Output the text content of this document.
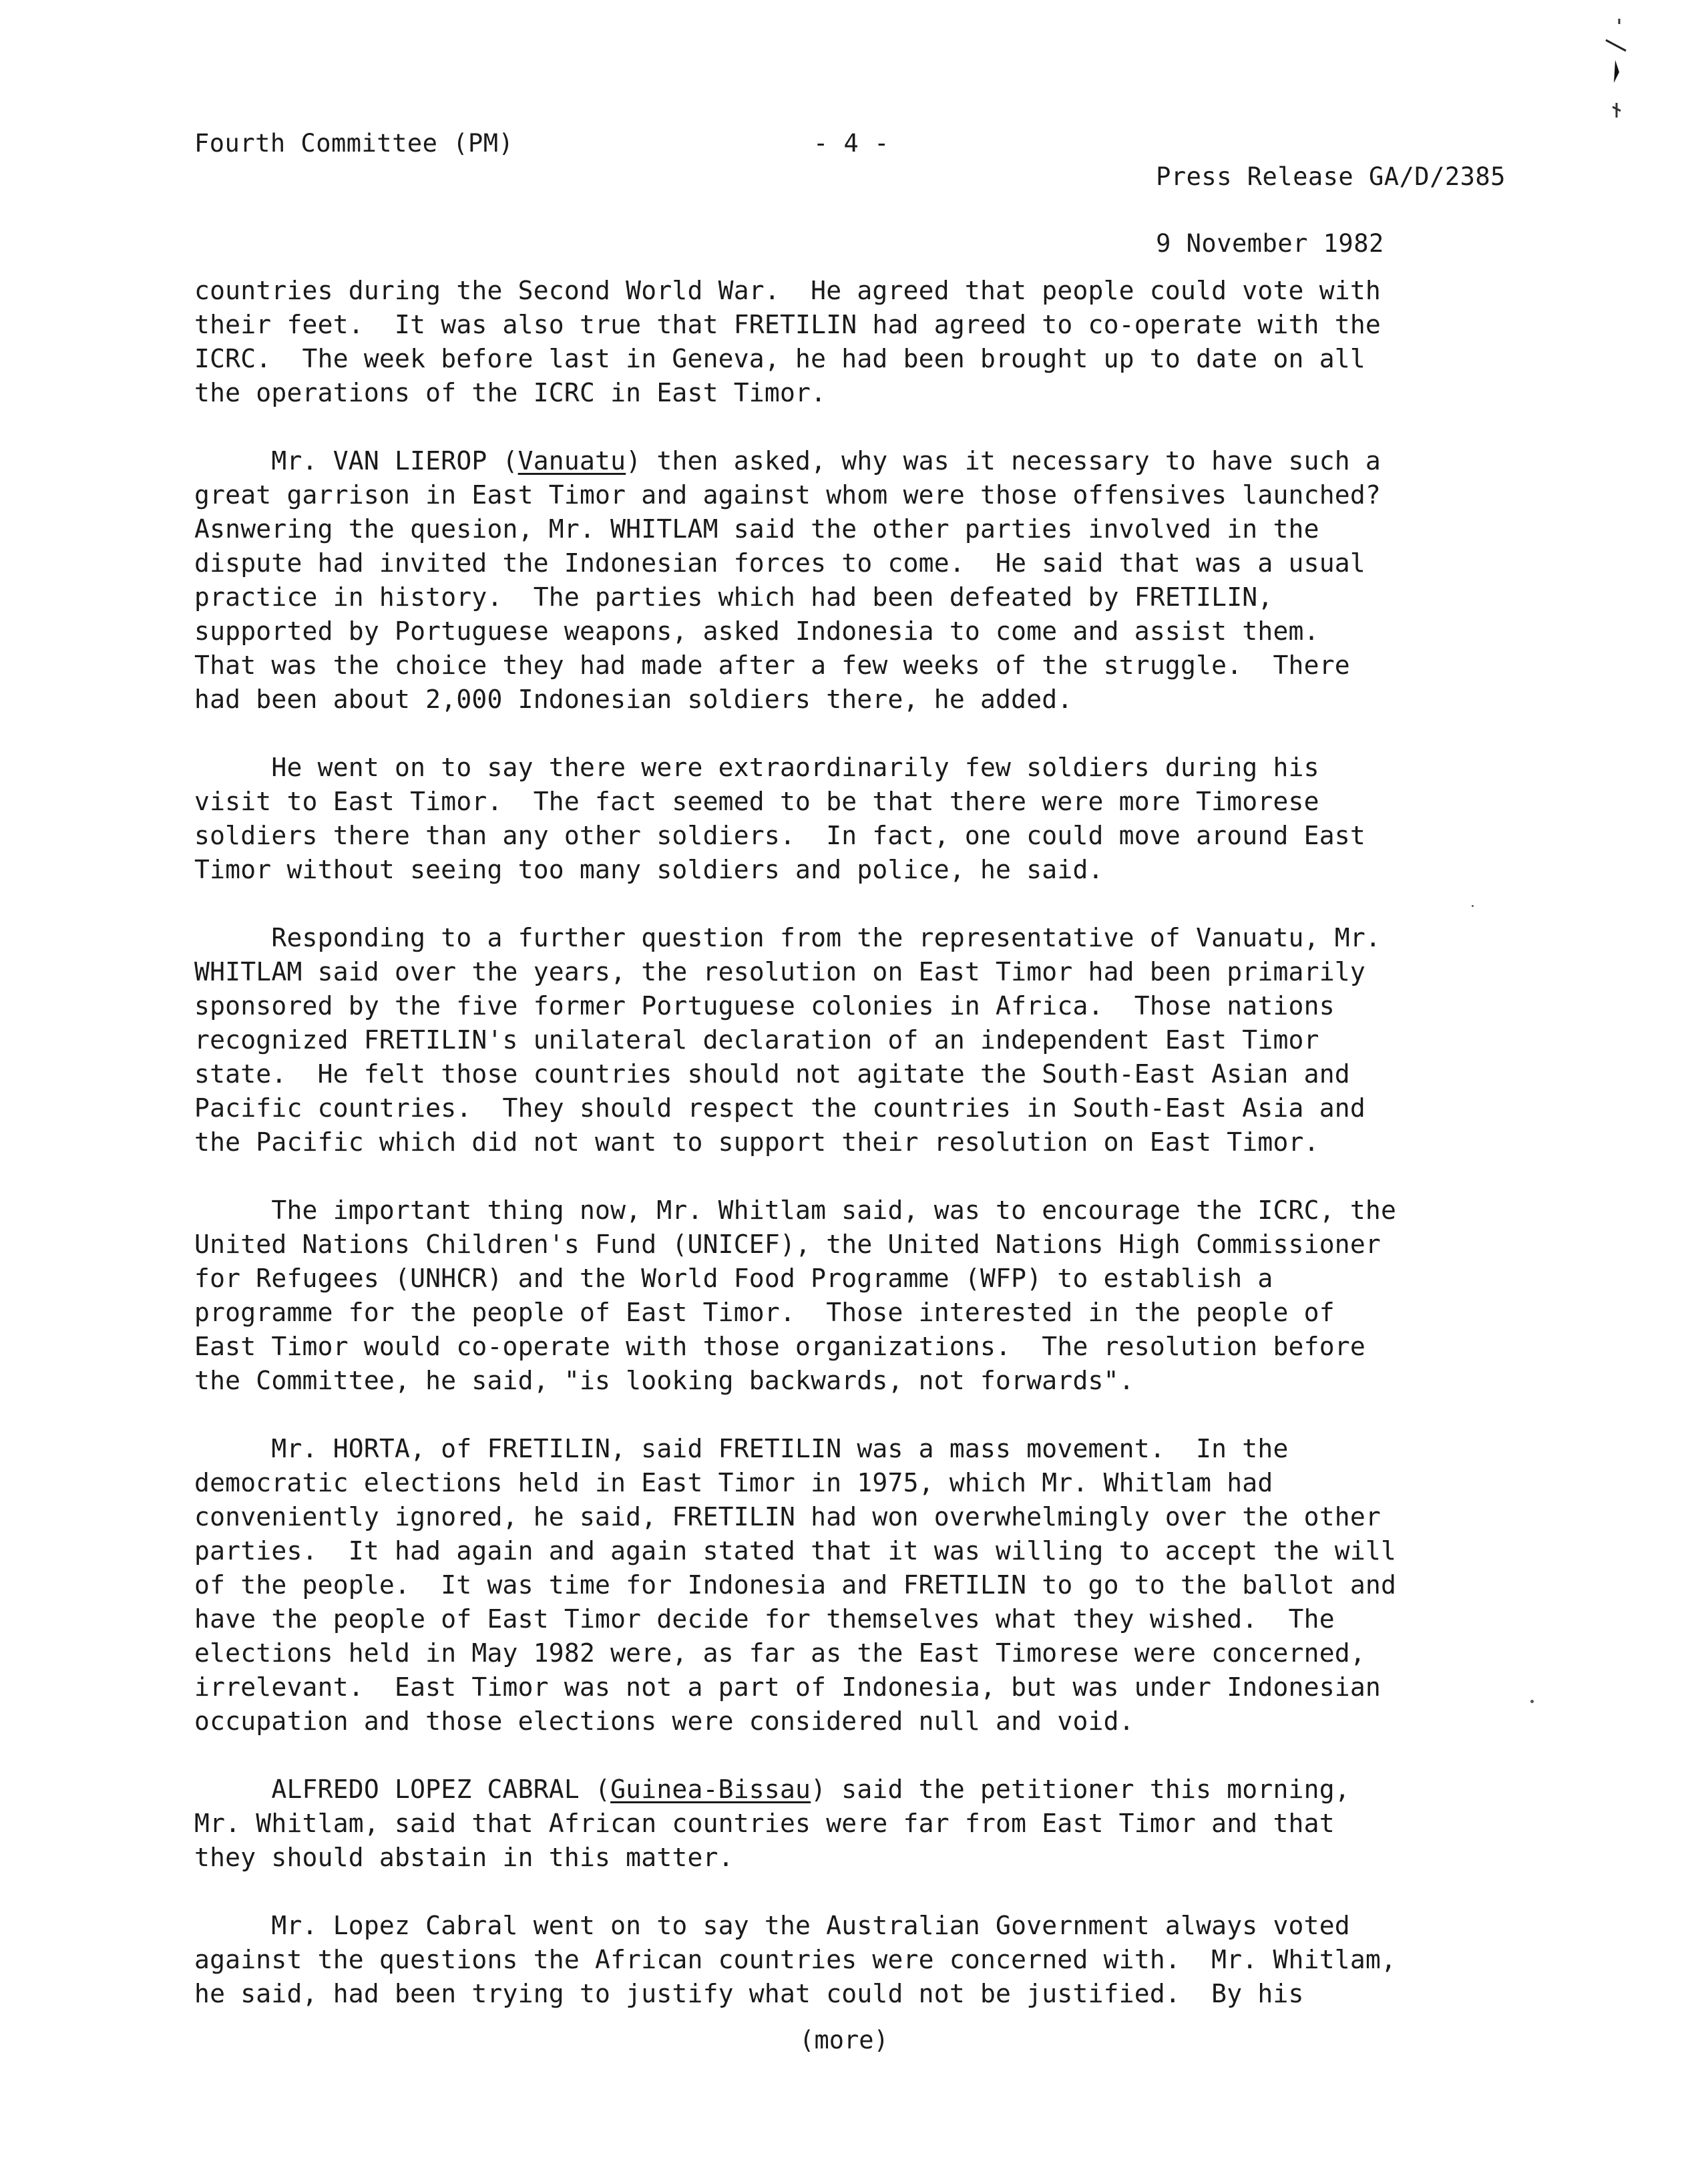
Fourth Committee (PM)	- 4 -

Press Release GA/D/2385

9 November 1982

countries during the Second World War.  He agreed that people could vote with
their feet.  It was also true that FRETILIN had agreed to co-operate with the
ICRC.  The week before last in Geneva, he had been brought up to date on all
the operations of the ICRC in East Timor.
Mr. VAN LIEROP (Vanuatu) then asked, why was it necessary to have such a
great garrison in East Timor and against whom were those offensives launched?
Asnwering the quesion, Mr. WHITLAM said the other parties involved in the
dispute had invited the Indonesian forces to come.  He said that was a usual
practice in history.  The parties which had been defeated by FRETILIN,
supported by Portuguese weapons, asked Indonesia to come and assist them.
That was the choice they had made after a few weeks of the struggle.  There
had been about 2,000 Indonesian soldiers there, he added.
He went on to say there were extraordinarily few soldiers during his
visit to East Timor.  The fact seemed to be that there were more Timorese
soldiers there than any other soldiers.  In fact, one could move around East
Timor without seeing too many soldiers and police, he said.
Responding to a further question from the representative of Vanuatu, Mr.
WHITLAM said over the years, the resolution on East Timor had been primarily
sponsored by the five former Portuguese colonies in Africa.  Those nations
recognized FRETILIN's unilateral declaration of an independent East Timor
state.  He felt those countries should not agitate the South-East Asian and
Pacific countries.  They should respect the countries in South-East Asia and
the Pacific which did not want to support their resolution on East Timor.
The important thing now, Mr. Whitlam said, was to encourage the ICRC, the
United Nations Children's Fund (UNICEF), the United Nations High Commissioner
for Refugees (UNHCR) and the World Food Programme (WFP) to establish a
programme for the people of East Timor.  Those interested in the people of
East Timor would co-operate with those organizations.  The resolution before
the Committee, he said, "is looking backwards, not forwards".
Mr. HORTA, of FRETILIN, said FRETILIN was a mass movement.  In the
democratic elections held in East Timor in 1975, which Mr. Whitlam had
conveniently ignored, he said, FRETILIN had won overwhelmingly over the other
parties.  It had again and again stated that it was willing to accept the will
of the people.  It was time for Indonesia and FRETILIN to go to the ballot and
have the people of East Timor decide for themselves what they wished.  The
elections held in May 1982 were, as far as the East Timorese were concerned,
irrelevant.  East Timor was not a part of Indonesia, but was under Indonesian
occupation and those elections were considered null and void.
ALFREDO LOPEZ CABRAL (Guinea-Bissau) said the petitioner this morning,
Mr. Whitlam, said that African countries were far from East Timor and that
they should abstain in this matter.
Mr. Lopez Cabral went on to say the Australian Government always voted
against the questions the African countries were concerned with.  Mr. Whitlam,
he said, had been trying to justify what could not be justified.  By his
(more)
